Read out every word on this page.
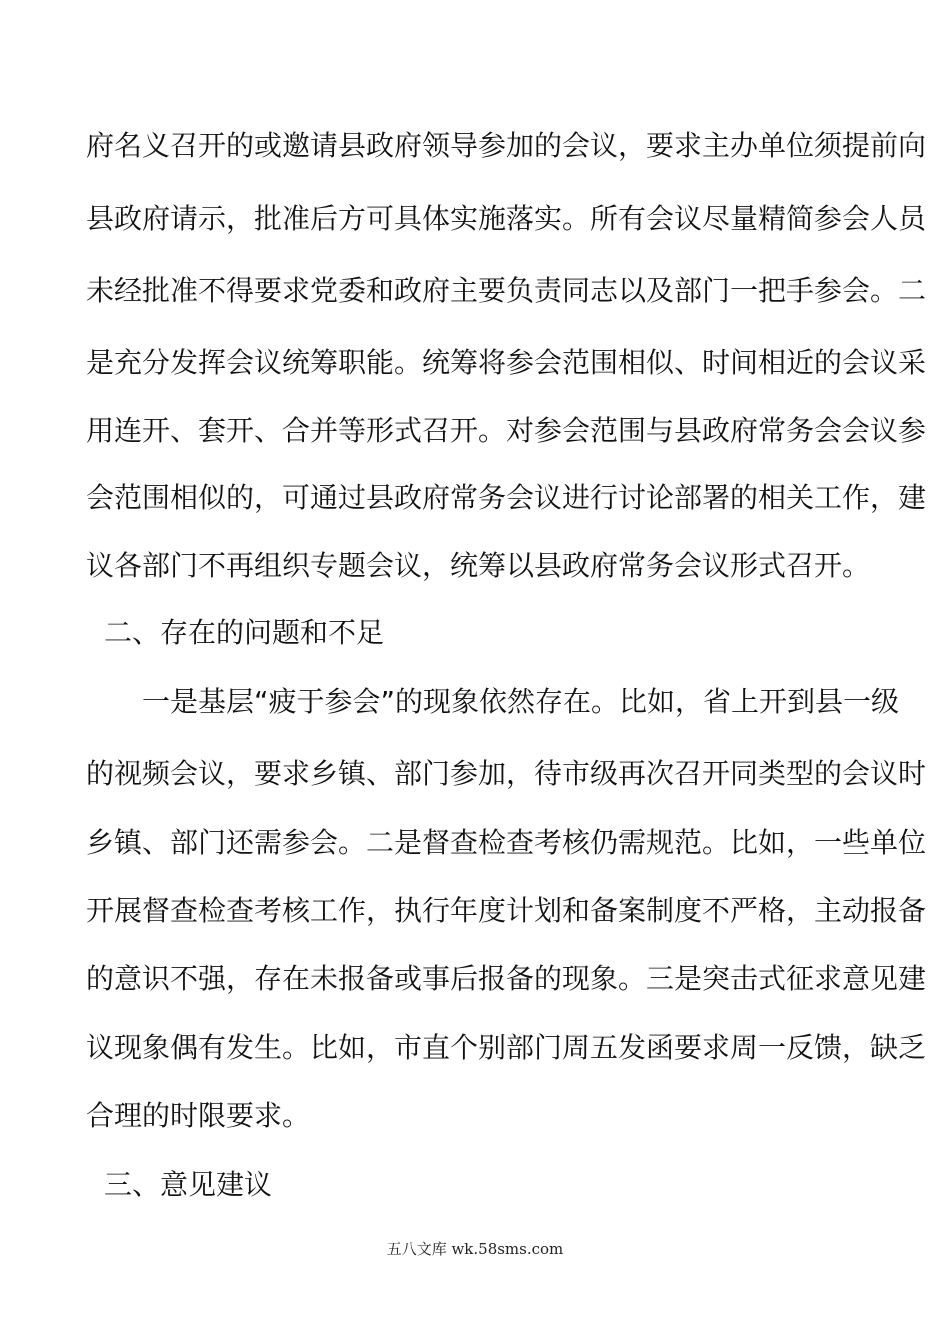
府名义召开的或邀请县政府领导参加的会议，要求主办单位须提前向
县政府请示，批准后方可具体实施落实。所有会议尽量精简参会人员
未经批准不得要求党委和政府主要负责同志以及部门一把手参会。二
是充分发挥会议统筹职能。统筹将参会范围相似、时间相近的会议采
用连开、套开、合并等形式召开。对参会范围与县政府常务会会议参
会范围相似的，可通过县政府常务会议进行讨论部署的相关工作，建
议各部门不再组织专题会议，统筹以县政府常务会议形式召开。
二、存在的问题和不足
一是基层“疲于参会”的现象依然存在。比如，省上开到县一级
的视频会议，要求乡镇、部门参加，待市级再次召开同类型的会议时
乡镇、部门还需参会。二是督查检查考核仍需规范。比如，一些单位
开展督查检查考核工作，执行年度计划和备案制度不严格，主动报备
的意识不强，存在未报备或事后报备的现象。三是突击式征求意见建
议现象偶有发生。比如，市直个别部门周五发函要求周一反馈，缺乏
合理的时限要求。
三、意见建议
五八文库 wk.58sms.com
